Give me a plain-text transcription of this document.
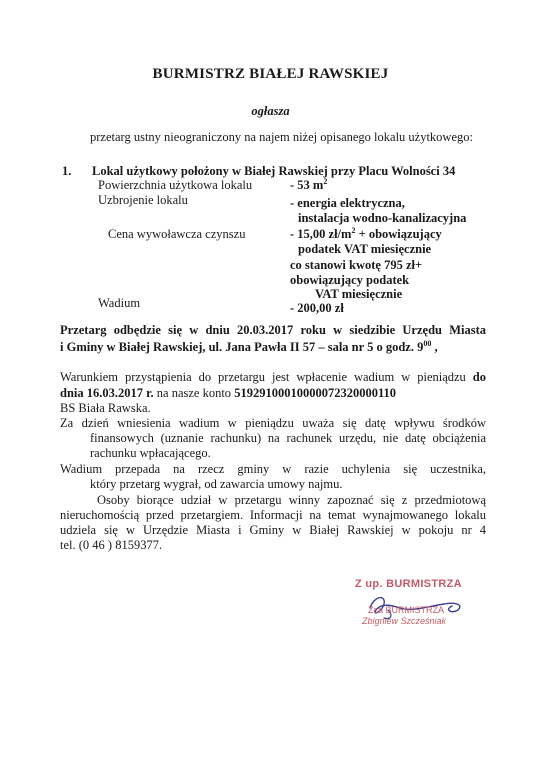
BURMISTRZ BIAŁEJ RAWSKIEJ
ogłasza
przetarg ustny nieograniczony na najem niżej opisanego lokalu użytkowego:
1. Lokal użytkowy położony w Białej Rawskiej przy Placu Wolności 34
Powierzchnia użytkowa lokalu	- 53 $m^2$
Uzbrojenie lokalu	- energia elektryczna,
instalacja wodno-kanalizacyjna
Cena wywoławcza czynszu	- 15,00 $zł/m^2$ + obowiązujący
podatek VAT miesięcznie
co stanowi kwotę 795 zł+
obowiązujący podatek
VAT miesięcznie
Wadium	- 200,00 zł
Przetarg odbędzie się w dniu 20.03.2017 roku w siedzibie Urzędu Miasta
i Gminy w Białej Rawskiej, ul. Jana Pawła II 57 – sala nr 5 o godz. $9^{00}$ ,
Warunkiem przystąpienia do przetargu jest wpłacenie wadium w pieniądzu do
dnia 16.03.2017 r. na nasze konto 51929100010000072320000110
BS Biała Rawska.
Za dzień wniesienia wadium w pieniądzu uważa się datę wpływu środków
finansowych (uznanie rachunku) na rachunek urzędu, nie datę obciążenia
rachunku wpłacającego.
Wadium przepada na rzecz gminy w razie uchylenia się uczestnika,
który przetarg wygrał, od zawarcia umowy najmu.
Osoby biorące udział w przetargu winny zapoznać się z przedmiotową
nieruchomością przed przetargiem. Informacji na temat wynajmowanego lokalu
udziela się w Urzędzie Miasta i Gminy w Białej Rawskiej w pokoju nr 4
tel. (0 46 ) 8159377.
Z up. BURMISTRZA
Zca BURMISTRZA
Zbigniew Szcześniak
